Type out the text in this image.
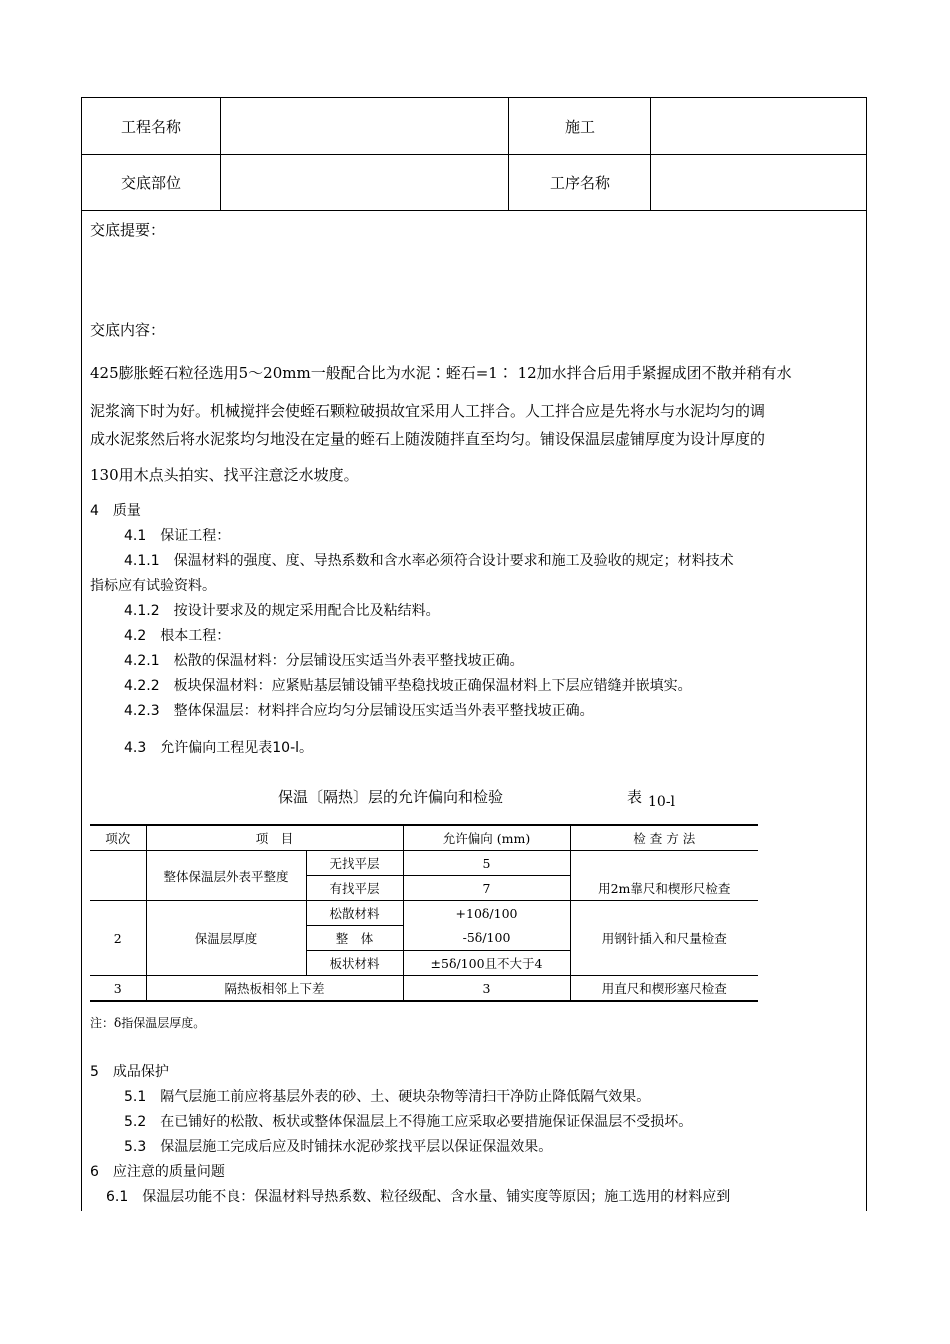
工程名称	施工
交底部位	工序名称
交底提要：
交底内容：
425膨胀蛭石粒径选用5～20mm一般配合比为水泥∶蛭石=1∶ 12加水拌合后用手紧握成团不散并稍有水
泥浆滴下时为好。机械搅拌会使蛭石颗粒破损故宜采用人工拌合。人工拌合应是先将水与水泥均匀的调
成水泥浆然后将水泥浆均匀地没在定量的蛭石上随泼随拌直至均匀。铺设保温层虚铺厚度为设计厚度的
130用木点头拍实、找平注意泛水坡度。
4　质量
4.1　保证工程：
4.1.1　保温材料的强度、度、导热系数和含水率必须符合设计要求和施工及验收的规定；材料技术
指标应有试验资料。
4.1.2　按设计要求及的规定采用配合比及粘结料。
4.2　根本工程：
4.2.1　松散的保温材料：分层铺设压实适当外表平整找坡正确。
4.2.2　板块保温材料：应紧贴基层铺设铺平垫稳找坡正确保温材料上下层应错缝并嵌填实。
4.2.3　整体保温层：材料拌合应均匀分层铺设压实适当外表平整找坡正确。
4.3　允许偏向工程见表10-l。
保温〔隔热〕层的允许偏向和检验	表 10-l
项次	项　目		允许偏向 (mm)	检 查 方 法
	整体保温层外表平整度	无找平层	5	用2m靠尺和楔形尺检查
		有找平层	7	
2	保温层厚度	松散材料	+10δ/100	用钢针插入和尺量检查
		整　体	-5δ/100	
		板状材料	±5δ/100且不大于4	
3	隔热板相邻上下差		3	用直尺和楔形塞尺检查
注：δ指保温层厚度。
5　成品保护
5.1　隔气层施工前应将基层外表的砂、土、硬块杂物等清扫干净防止降低隔气效果。
5.2　在已铺好的松散、板状或整体保温层上不得施工应采取必要措施保证保温层不受损坏。
5.3　保温层施工完成后应及时铺抹水泥砂浆找平层以保证保温效果。
6　应注意的质量问题
6.1　保温层功能不良：保温材料导热系数、粒径级配、含水量、铺实度等原因；施工选用的材料应到
